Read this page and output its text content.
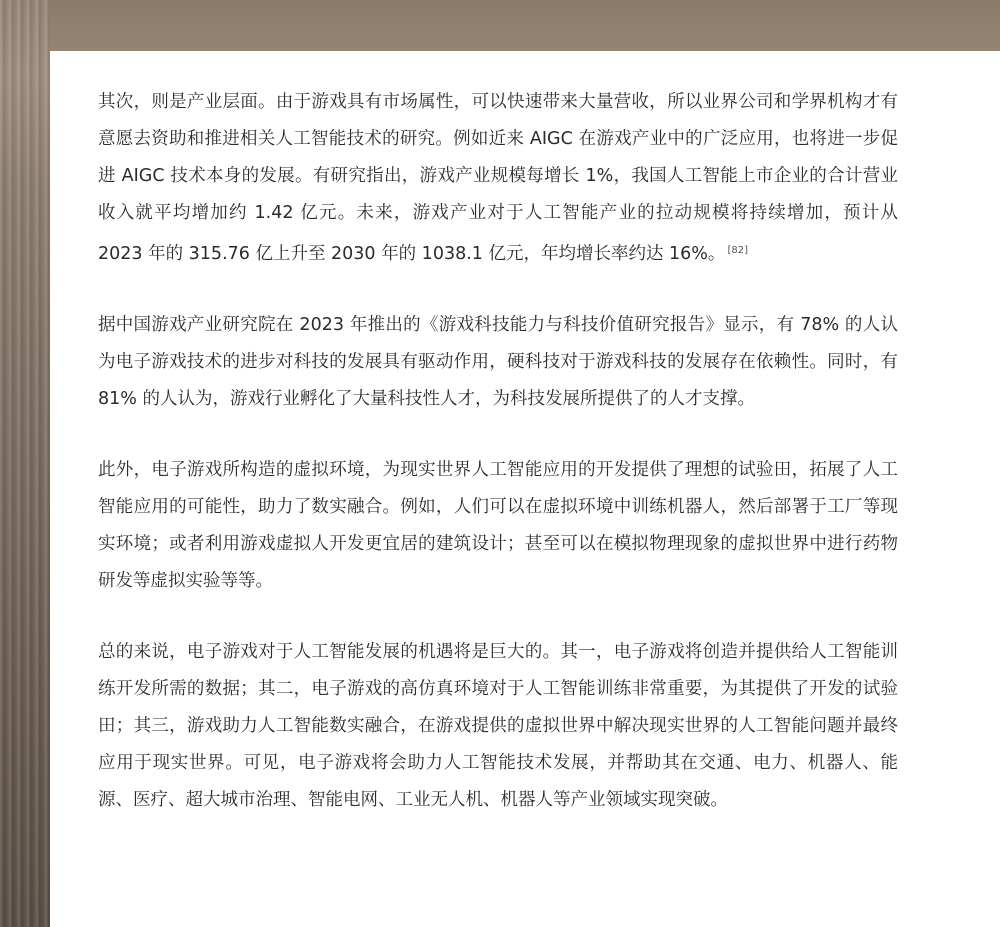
其次，则是产业层面。由于游戏具有市场属性，可以快速带来大量营收，所以业界公司和学界机构才有意愿去资助和推进相关人工智能技术的研究。例如近来 AIGC 在游戏产业中的广泛应用，也将进一步促进 AIGC 技术本身的发展。有研究指出，游戏产业规模每增长 1%，我国人工智能上市企业的合计营业收入就平均增加约 1.42 亿元。未来，游戏产业对于人工智能产业的拉动规模将持续增加，预计从 2023 年的 315.76 亿上升至 2030 年的 1038.1 亿元，年均增长率约达 16%。 [82]

据中国游戏产业研究院在 2023 年推出的《游戏科技能力与科技价值研究报告》显示，有 78% 的人认为电子游戏技术的进步对科技的发展具有驱动作用，硬科技对于游戏科技的发展存在依赖性。同时，有 81% 的人认为，游戏行业孵化了大量科技性人才，为科技发展所提供了的人才支撑。

此外，电子游戏所构造的虚拟环境，为现实世界人工智能应用的开发提供了理想的试验田，拓展了人工智能应用的可能性，助力了数实融合。例如，人们可以在虚拟环境中训练机器人，然后部署于工厂等现实环境；或者利用游戏虚拟人开发更宜居的建筑设计；甚至可以在模拟物理现象的虚拟世界中进行药物研发等虚拟实验等等。

总的来说，电子游戏对于人工智能发展的机遇将是巨大的。其一，电子游戏将创造并提供给人工智能训练开发所需的数据；其二，电子游戏的高仿真环境对于人工智能训练非常重要，为其提供了开发的试验田；其三，游戏助力人工智能数实融合，在游戏提供的虚拟世界中解决现实世界的人工智能问题并最终应用于现实世界。可见，电子游戏将会助力人工智能技术发展，并帮助其在交通、电力、机器人、能源、医疗、超大城市治理、智能电网、工业无人机、机器人等产业领域实现突破。
